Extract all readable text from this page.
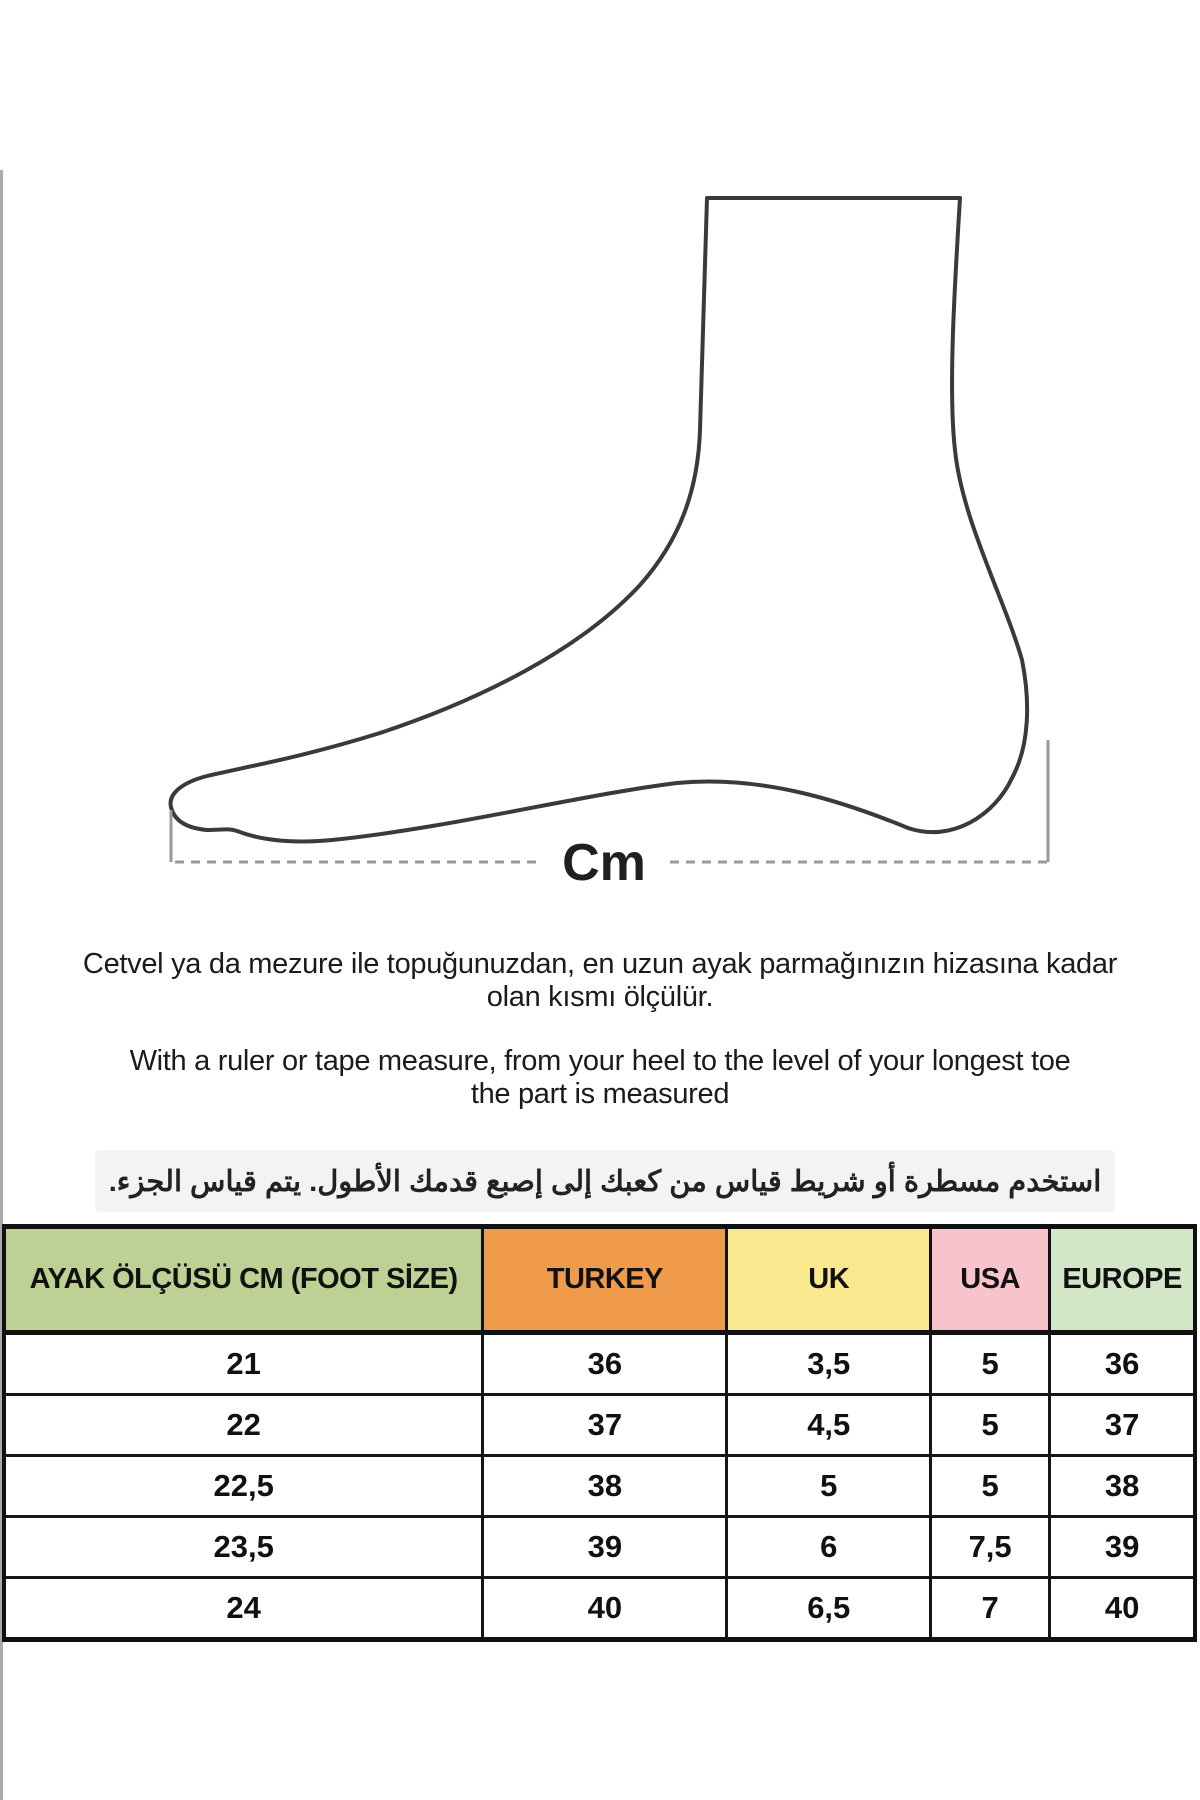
Cm
Cetvel ya da mezure ile topuğunuzdan, en uzun ayak parmağınızın hizasına kadar
olan kısmı ölçülür.
With a ruler or tape measure, from your heel to the level of your longest toe
the part is measured
استخدم مسطرة أو شريط قياس من كعبك إلى إصبع قدمك الأطول. يتم قياس الجزء.
AYAK ÖLÇÜSÜ CM (FOOT SİZE)	TURKEY	UK	USA	EUROPE
21	36	3,5	5	36
22	37	4,5	5	37
22,5	38	5	5	38
23,5	39	6	7,5	39
24	40	6,5	7	40
